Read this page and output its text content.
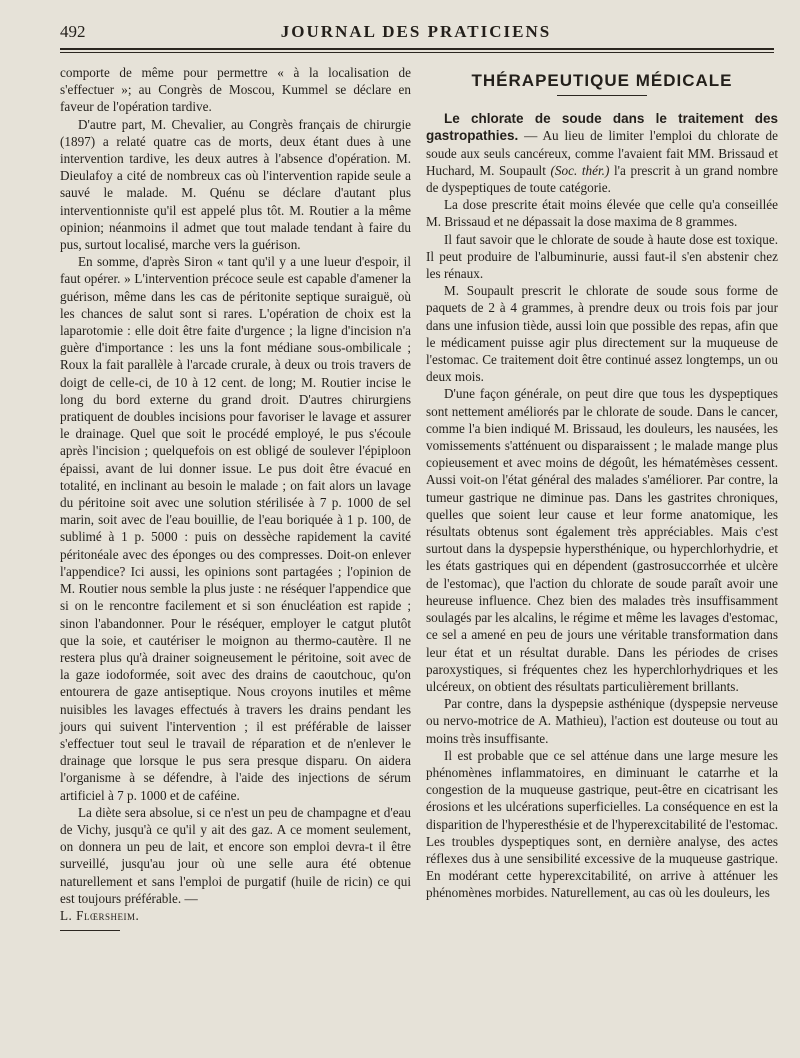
492	JOURNAL DES PRATICIENS

comporte de même pour permettre « à la localisation de s'effectuer »; au Congrès de Moscou, Kummel se déclare en faveur de l'opération tardive.

D'autre part, M. Chevalier, au Congrès français de chirurgie (1897) a relaté quatre cas de morts, deux étant dues à une intervention tardive, les deux autres à l'absence d'opération. M. Dieulafoy a cité de nombreux cas où l'intervention rapide seule a sauvé le malade. M. Quénu se déclare d'autant plus interventionniste qu'il est appelé plus tôt. M. Routier a la même opinion; néanmoins il admet que tout malade tendant à faire du pus, surtout localisé, marche vers la guérison.

En somme, d'après Siron « tant qu'il y a une lueur d'espoir, il faut opérer. » L'intervention précoce seule est capable d'amener la guérison, même dans les cas de péritonite septique suraiguë, où les chances de salut sont si rares. L'opération de choix est la laparotomie : elle doit être faite d'urgence ; la ligne d'incision n'a guère d'importance : les uns la font médiane sous-ombilicale ; Roux la fait parallèle à l'arcade crurale, à deux ou trois travers de doigt de celle-ci, de 10 à 12 cent. de long; M. Routier incise le long du bord externe du grand droit. D'autres chirurgiens pratiquent de doubles incisions pour favoriser le lavage et assurer le drainage. Quel que soit le procédé employé, le pus s'écoule après l'incision ; quelquefois on est obligé de soulever l'épiploon épaissi, avant de lui donner issue. Le pus doit être évacué en totalité, en inclinant au besoin le malade ; on fait alors un lavage du péritoine soit avec une solution stérilisée à 7 p. 1000 de sel marin, soit avec de l'eau bouillie, de l'eau boriquée à 1 p. 100, de sublimé à 1 p. 5000 : puis on dessèche rapidement la cavité péritonéale avec des éponges ou des compresses. Doit-on enlever l'appendice? Ici aussi, les opinions sont partagées ; l'opinion de M. Routier nous semble la plus juste : ne réséquer l'appendice que si on le rencontre facilement et si son énucléation est rapide ; sinon l'abandonner. Pour le réséquer, employer le catgut plutôt que la soie, et cautériser le moignon au thermo-cautère. Il ne restera plus qu'à drainer soigneusement le péritoine, soit avec de la gaze iodoformée, soit avec des drains de caoutchouc, qu'on entourera de gaze antiseptique. Nous croyons inutiles et même nuisibles les lavages effectués à travers les drains pendant les jours qui suivent l'intervention ; il est préférable de laisser s'effectuer tout seul le travail de réparation et de n'enlever le drainage que lorsque le pus sera presque disparu. On aidera l'organisme à se défendre, à l'aide des injections de sérum artificiel à 7 p. 1000 et de caféine.

La diète sera absolue, si ce n'est un peu de champagne et d'eau de Vichy, jusqu'à ce qu'il y ait des gaz. A ce moment seulement, on donnera un peu de lait, et encore son emploi devra-t il être surveillé, jusqu'au jour où une selle aura été obtenue naturellement et sans l'emploi de purgatif (huile de ricin) ce qui est toujours préférable. —

L. Flœrsheim.

THÉRAPEUTIQUE MÉDICALE

Le chlorate de soude dans le traitement des gastropathies. — Au lieu de limiter l'emploi du chlorate de soude aux seuls cancéreux, comme l'avaient fait MM. Brissaud et Huchard, M. Soupault (Soc. thér.) l'a prescrit à un grand nombre de dyspeptiques de toute catégorie.

La dose prescrite était moins élevée que celle qu'a conseillée M. Brissaud et ne dépassait la dose maxima de 8 grammes.

Il faut savoir que le chlorate de soude à haute dose est toxique. Il peut produire de l'albuminurie, aussi faut-il s'en abstenir chez les rénaux.

M. Soupault prescrit le chlorate de soude sous forme de paquets de 2 à 4 grammes, à prendre deux ou trois fois par jour dans une infusion tiède, aussi loin que possible des repas, afin que le médicament puisse agir plus directement sur la muqueuse de l'estomac. Ce traitement doit être continué assez longtemps, un ou deux mois.

D'une façon générale, on peut dire que tous les dyspeptiques sont nettement améliorés par le chlorate de soude. Dans le cancer, comme l'a bien indiqué M. Brissaud, les douleurs, les nausées, les vomissements s'atténuent ou disparaissent ; le malade mange plus copieusement et avec moins de dégoût, les hématémèses cessent. Aussi voit-on l'état général des malades s'améliorer. Par contre, la tumeur gastrique ne diminue pas. Dans les gastrites chroniques, quelles que soient leur cause et leur forme anatomique, les résultats obtenus sont également très appréciables. Mais c'est surtout dans la dyspepsie hypersthénique, ou hyperchlorhydrie, et les états gastriques qui en dépendent (gastrosuccorrhée et ulcère de l'estomac), que l'action du chlorate de soude paraît avoir une heureuse influence. Chez bien des malades très insuffisamment soulagés par les alcalins, le régime et même les lavages d'estomac, ce sel a amené en peu de jours une véritable transformation dans leur état et un résultat durable. Dans les périodes de crises paroxystiques, si fréquentes chez les hyperchlorhydriques et les ulcéreux, on obtient des résultats particulièrement brillants.

Par contre, dans la dyspepsie asthénique (dyspepsie nerveuse ou nervo-motrice de A. Mathieu), l'action est douteuse ou tout au moins très insuffisante.

Il est probable que ce sel atténue dans une large mesure les phénomènes inflammatoires, en diminuant le catarrhe et la congestion de la muqueuse gastrique, peut-être en cicatrisant les érosions et les ulcérations superficielles. La conséquence en est la disparition de l'hyperesthésie et de l'hyperexcitabilité de l'estomac. Les troubles dyspeptiques sont, en dernière analyse, des actes réflexes dus à une sensibilité excessive de la muqueuse gastrique. En modérant cette hyperexcitabilité, on arrive à atténuer les phénomènes morbides. Naturellement, au cas où les douleurs, les
